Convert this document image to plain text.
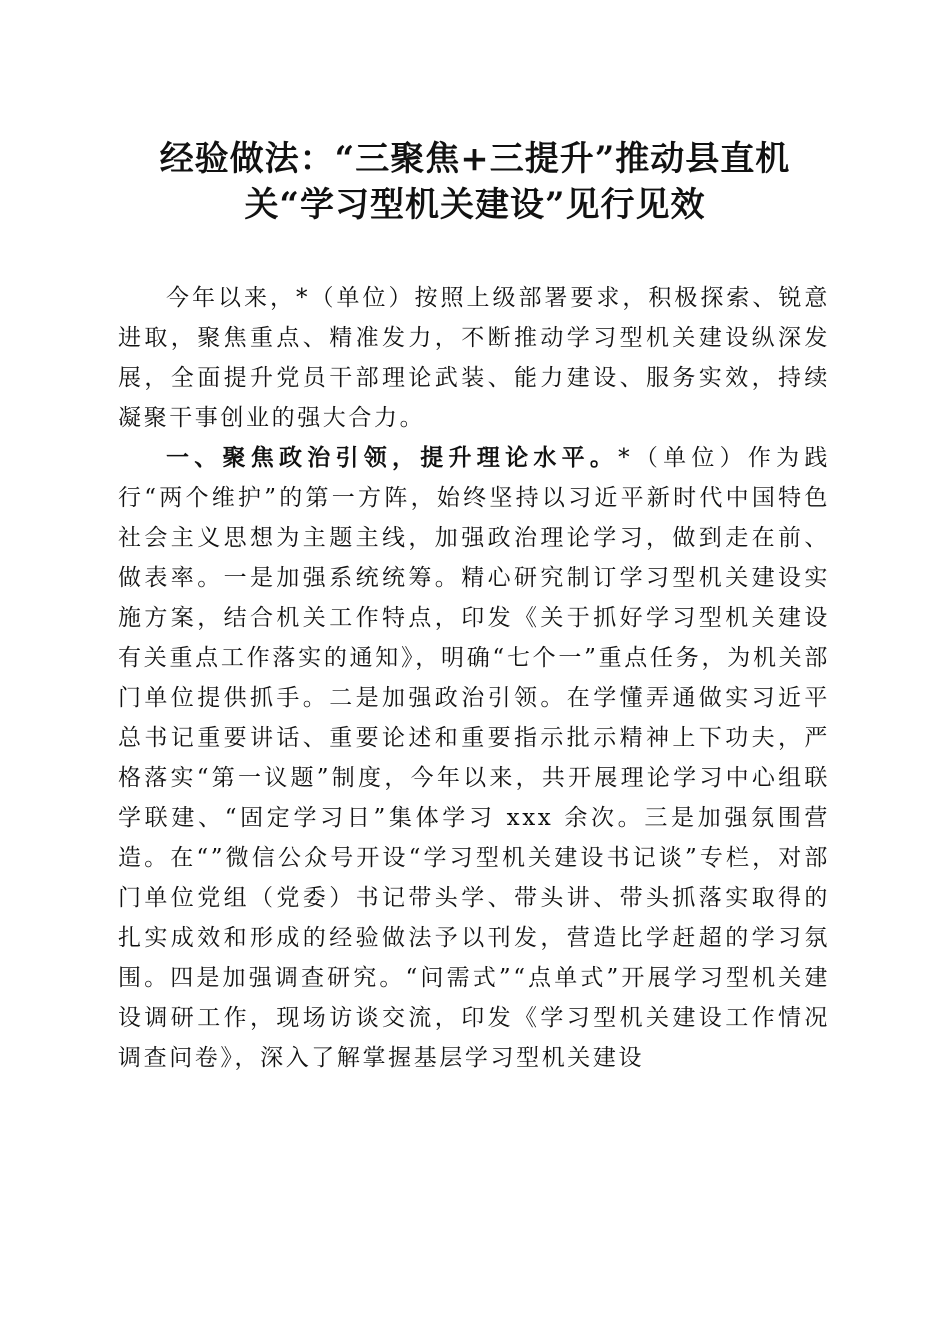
经验做法：“三聚焦+三提升”推动县直机
关“学习型机关建设”见行见效

今年以来，*（单位）按照上级部署要求，积极探索、锐意进取，聚焦重点、精准发力，不断推动学习型机关建设纵深发展，全面提升党员干部理论武装、能力建设、服务实效，持续凝聚干事创业的强大合力。

一、聚焦政治引领，提升理论水平。*（单位）作为践行“两个维护”的第一方阵，始终坚持以习近平新时代中国特色社会主义思想为主题主线，加强政治理论学习，做到走在前、做表率。一是加强系统统筹。精心研究制订学习型机关建设实施方案，结合机关工作特点，印发《关于抓好学习型机关建设有关重点工作落实的通知》，明确“七个一”重点任务，为机关部门单位提供抓手。二是加强政治引领。在学懂弄通做实习近平总书记重要讲话、重要论述和重要指示批示精神上下功夫，严格落实“第一议题”制度，今年以来，共开展理论学习中心组联学联建、“固定学习日”集体学习 xxx 余次。三是加强氛围营造。在“”微信公众号开设“学习型机关建设书记谈”专栏，对部门单位党组（党委）书记带头学、带头讲、带头抓落实取得的扎实成效和形成的经验做法予以刊发，营造比学赶超的学习氛围。四是加强调查研究。“问需式”“点单式”开展学习型机关建设调研工作，现场访谈交流，印发《学习型机关建设工作情况调查问卷》，深入了解掌握基层学习型机关建设
